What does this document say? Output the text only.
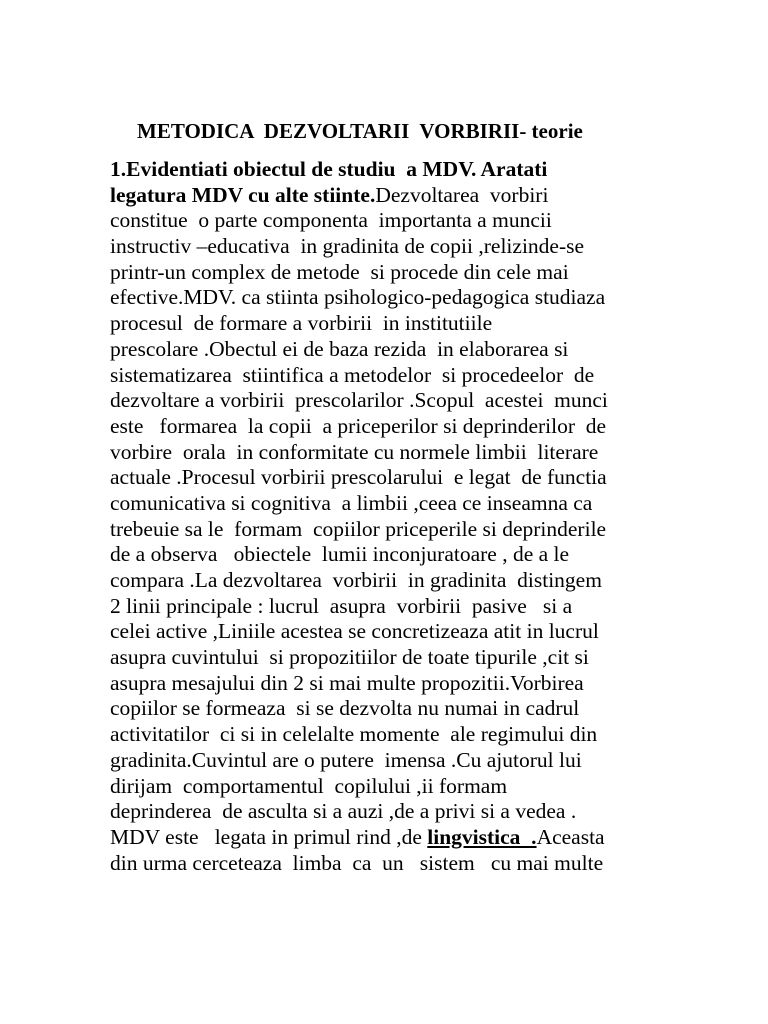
METODICA  DEZVOLTARII  VORBIRII- teorie
1.Evidentiati obiectul de studiu  a MDV. Aratati
legatura MDV cu alte stiinte.Dezvoltarea  vorbiri
constitue  o parte componenta  importanta a muncii
instructiv –educativa  in gradinita de copii ,relizinde-se
printr-un complex de metode  si procede din cele mai
efective.MDV. ca stiinta psihologico-pedagogica studiaza
procesul  de formare a vorbirii  in institutiile
prescolare .Obectul ei de baza rezida  in elaborarea si
sistematizarea  stiintifica a metodelor  si procedeelor  de
dezvoltare a vorbirii  prescolarilor .Scopul  acestei  munci
este   formarea  la copii  a priceperilor si deprinderilor  de
vorbire  orala  in conformitate cu normele limbii  literare
actuale .Procesul vorbirii prescolarului  e legat  de functia
comunicativa si cognitiva  a limbii ,ceea ce inseamna ca
trebeuie sa le  formam  copiilor priceperile si deprinderile
de a observa   obiectele  lumii inconjuratoare , de a le
compara .La dezvoltarea  vorbirii  in gradinita  distingem
2 linii principale : lucrul  asupra  vorbirii  pasive   si a
celei active ,Liniile acestea se concretizeaza atit in lucrul
asupra cuvintului  si propozitiilor de toate tipurile ,cit si
asupra mesajului din 2 si mai multe propozitii.Vorbirea
copiilor se formeaza  si se dezvolta nu numai in cadrul
activitatilor  ci si in celelalte momente  ale regimului din
gradinita.Cuvintul are o putere  imensa .Cu ajutorul lui
dirijam  comportamentul  copilului ,ii formam
deprinderea  de asculta si a auzi ,de a privi si a vedea .
MDV este   legata in primul rind ,de lingvistica  .Aceasta
din urma cerceteaza  limba  ca  un   sistem   cu mai multe
